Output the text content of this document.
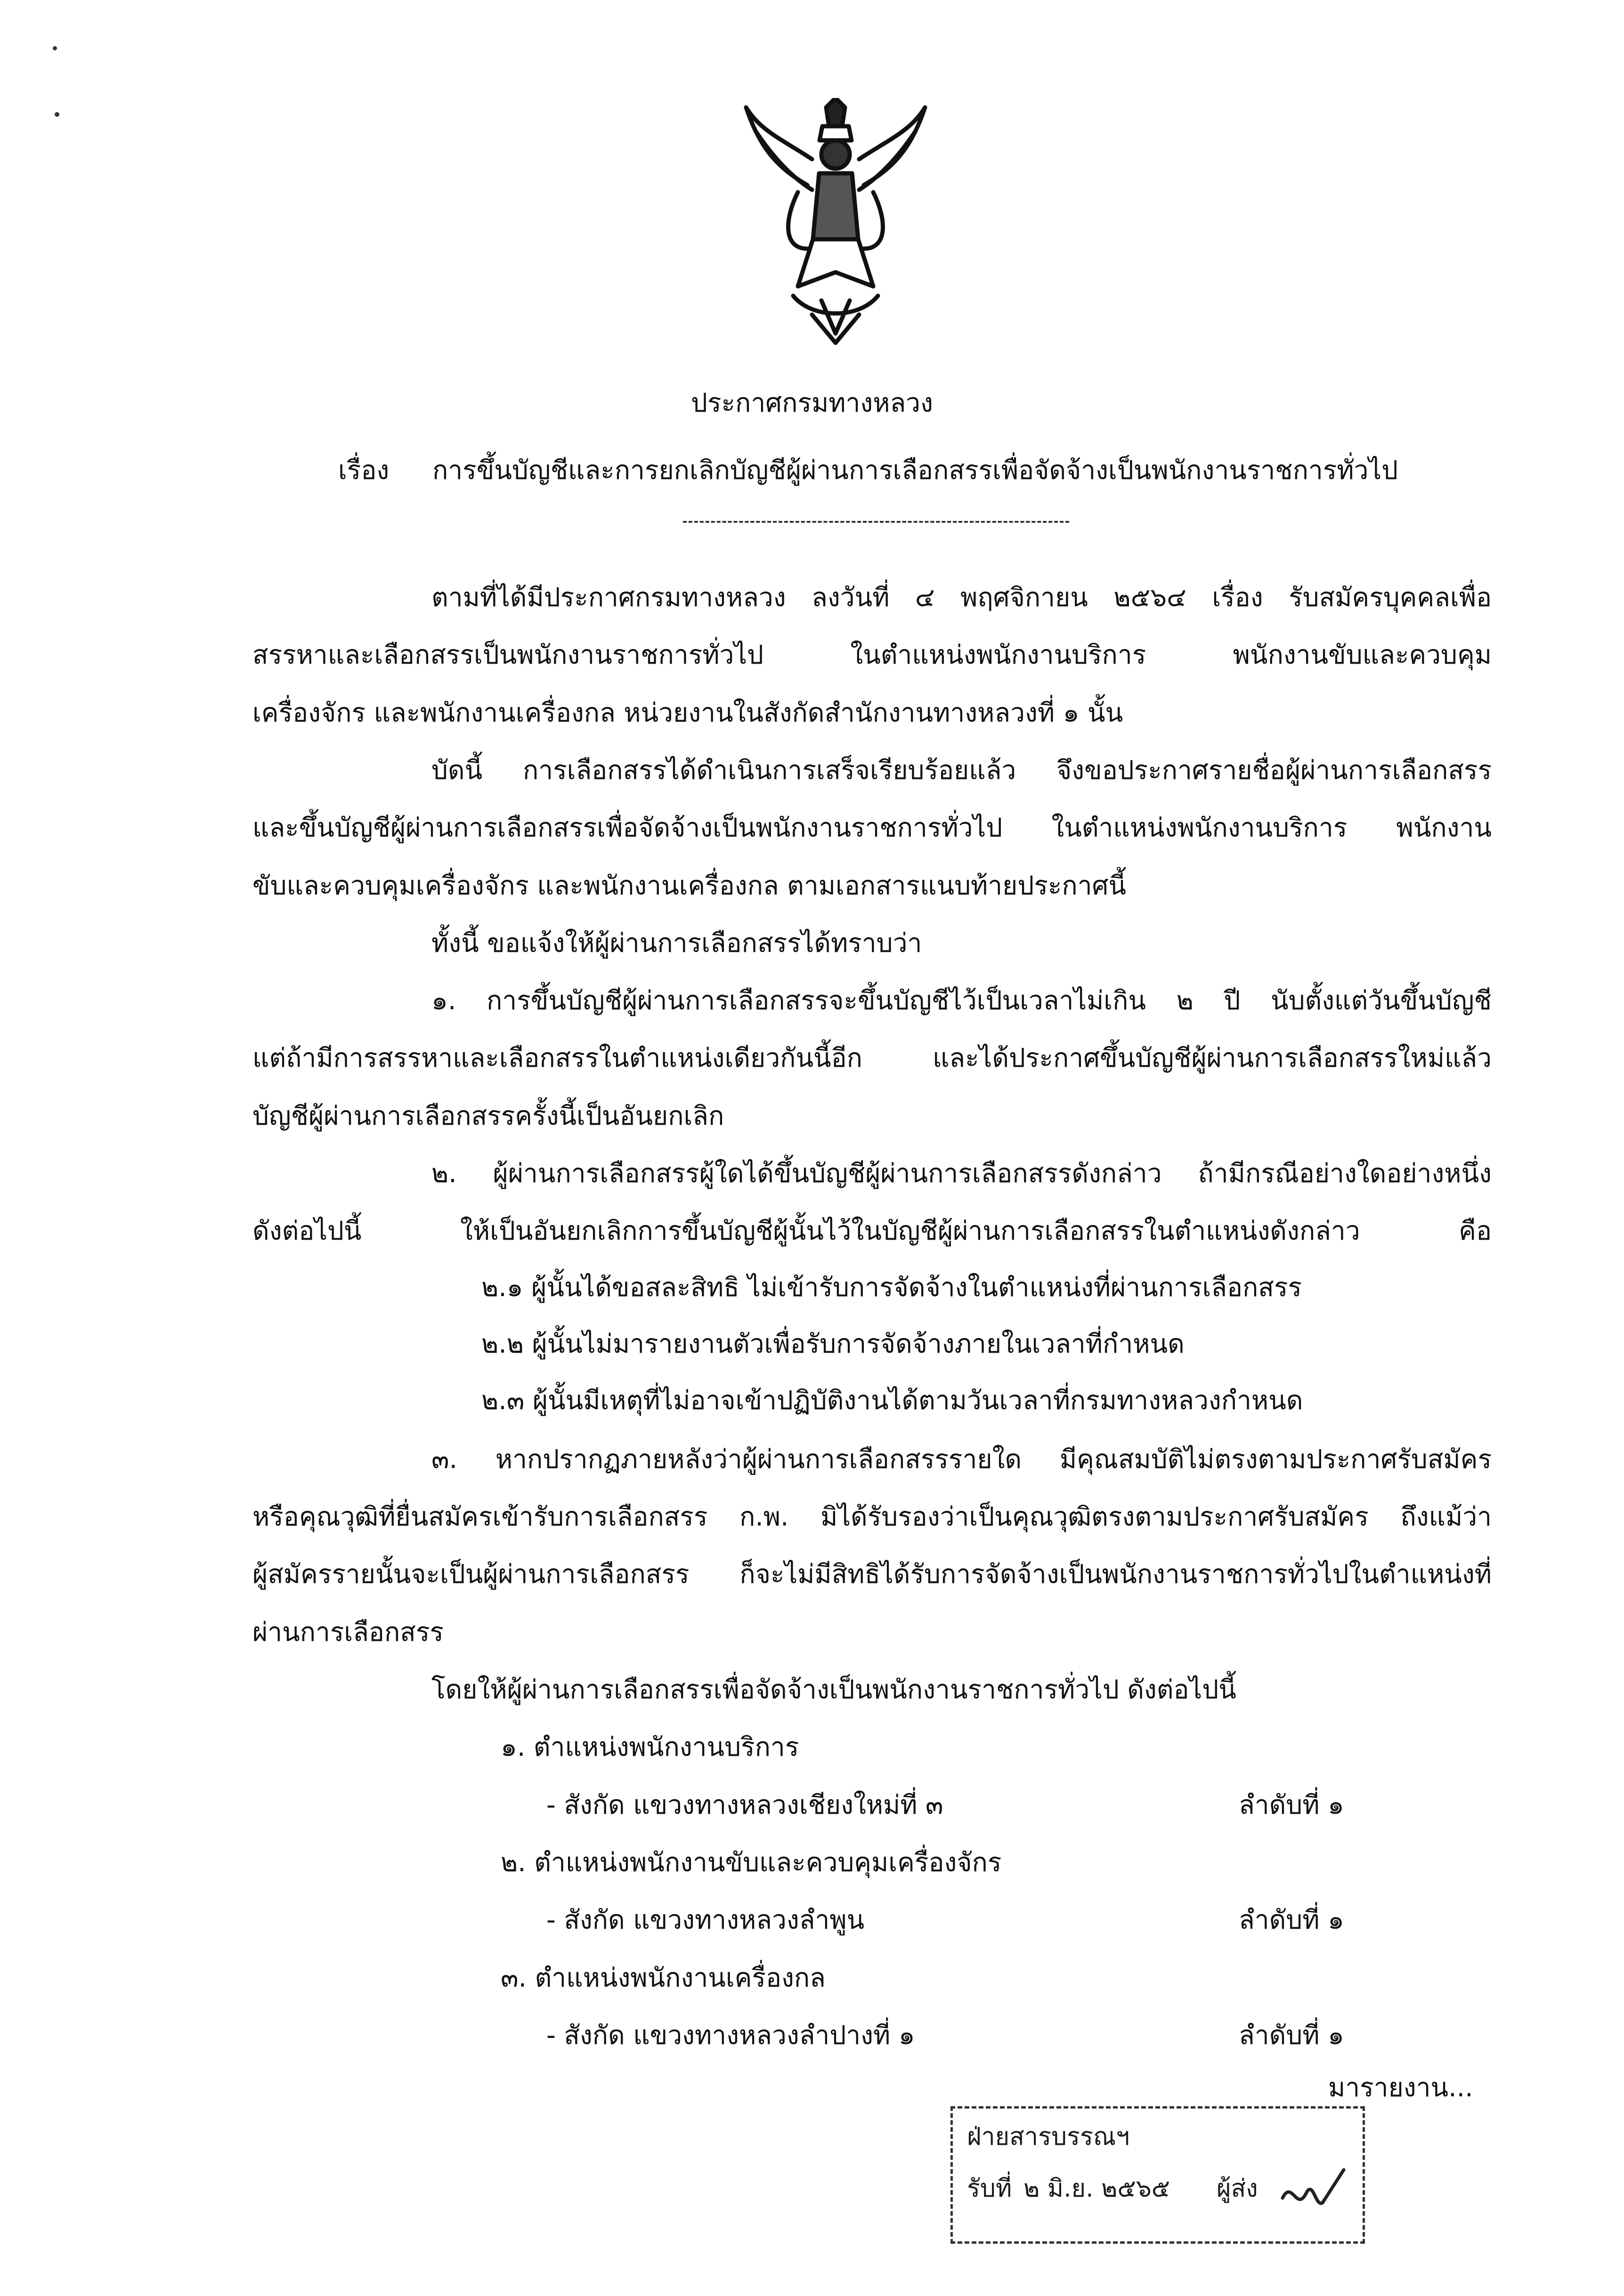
ประกาศกรมทางหลวง
เรื่อง การขึ้นบัญชีและการยกเลิกบัญชีผู้ผ่านการเลือกสรรเพื่อจัดจ้างเป็นพนักงานราชการทั่วไป
ตามที่ได้มีประกาศกรมทางหลวง ลงวันที่ ๔ พฤศจิกายน ๒๕๖๔ เรื่อง รับสมัครบุคคลเพื่อ
สรรหาและเลือกสรรเป็นพนักงานราชการทั่วไป ในตำแหน่งพนักงานบริการ พนักงานขับและควบคุม
เครื่องจักร และพนักงานเครื่องกล หน่วยงานในสังกัดสำนักงานทางหลวงที่ ๑ นั้น
บัดนี้ การเลือกสรรได้ดำเนินการเสร็จเรียบร้อยแล้ว จึงขอประกาศรายชื่อผู้ผ่านการเลือกสรร
และขึ้นบัญชีผู้ผ่านการเลือกสรรเพื่อจัดจ้างเป็นพนักงานราชการทั่วไป ในตำแหน่งพนักงานบริการ พนักงาน
ขับและควบคุมเครื่องจักร และพนักงานเครื่องกล ตามเอกสารแนบท้ายประกาศนี้
ทั้งนี้ ขอแจ้งให้ผู้ผ่านการเลือกสรรได้ทราบว่า
๑. การขึ้นบัญชีผู้ผ่านการเลือกสรรจะขึ้นบัญชีไว้เป็นเวลาไม่เกิน ๒ ปี นับตั้งแต่วันขึ้นบัญชี
แต่ถ้ามีการสรรหาและเลือกสรรในตำแหน่งเดียวกันนี้อีก และได้ประกาศขึ้นบัญชีผู้ผ่านการเลือกสรรใหม่แล้ว
บัญชีผู้ผ่านการเลือกสรรครั้งนี้เป็นอันยกเลิก
๒. ผู้ผ่านการเลือกสรรผู้ใดได้ขึ้นบัญชีผู้ผ่านการเลือกสรรดังกล่าว ถ้ามีกรณีอย่างใดอย่างหนึ่ง
ดังต่อไปนี้ ให้เป็นอันยกเลิกการขึ้นบัญชีผู้นั้นไว้ในบัญชีผู้ผ่านการเลือกสรรในตำแหน่งดังกล่าว คือ
๒.๑ ผู้นั้นได้ขอสละสิทธิ ไม่เข้ารับการจัดจ้างในตำแหน่งที่ผ่านการเลือกสรร
๒.๒ ผู้นั้นไม่มารายงานตัวเพื่อรับการจัดจ้างภายในเวลาที่กำหนด
๒.๓ ผู้นั้นมีเหตุที่ไม่อาจเข้าปฏิบัติงานได้ตามวันเวลาที่กรมทางหลวงกำหนด
๓. หากปรากฏภายหลังว่าผู้ผ่านการเลือกสรรรายใด มีคุณสมบัติไม่ตรงตามประกาศรับสมัคร
หรือคุณวุฒิที่ยื่นสมัครเข้ารับการเลือกสรร ก.พ. มิได้รับรองว่าเป็นคุณวุฒิตรงตามประกาศรับสมัคร ถึงแม้ว่า
ผู้สมัครรายนั้นจะเป็นผู้ผ่านการเลือกสรร ก็จะไม่มีสิทธิได้รับการจัดจ้างเป็นพนักงานราชการทั่วไปในตำแหน่งที่
ผ่านการเลือกสรร
โดยให้ผู้ผ่านการเลือกสรรเพื่อจัดจ้างเป็นพนักงานราชการทั่วไป ดังต่อไปนี้
๑. ตำแหน่งพนักงานบริการ
- สังกัด แขวงทางหลวงเชียงใหม่ที่ ๓	ลำดับที่ ๑
๒. ตำแหน่งพนักงานขับและควบคุมเครื่องจักร
- สังกัด แขวงทางหลวงลำพูน	ลำดับที่ ๑
๓. ตำแหน่งพนักงานเครื่องกล
- สังกัด แขวงทางหลวงลำปางที่ ๑	ลำดับที่ ๑
มารายงาน...
ฝ่ายสารบรรณฯ
รับที่ ๒ มิ.ย. ๒๕๖๕ ผู้ส่ง
